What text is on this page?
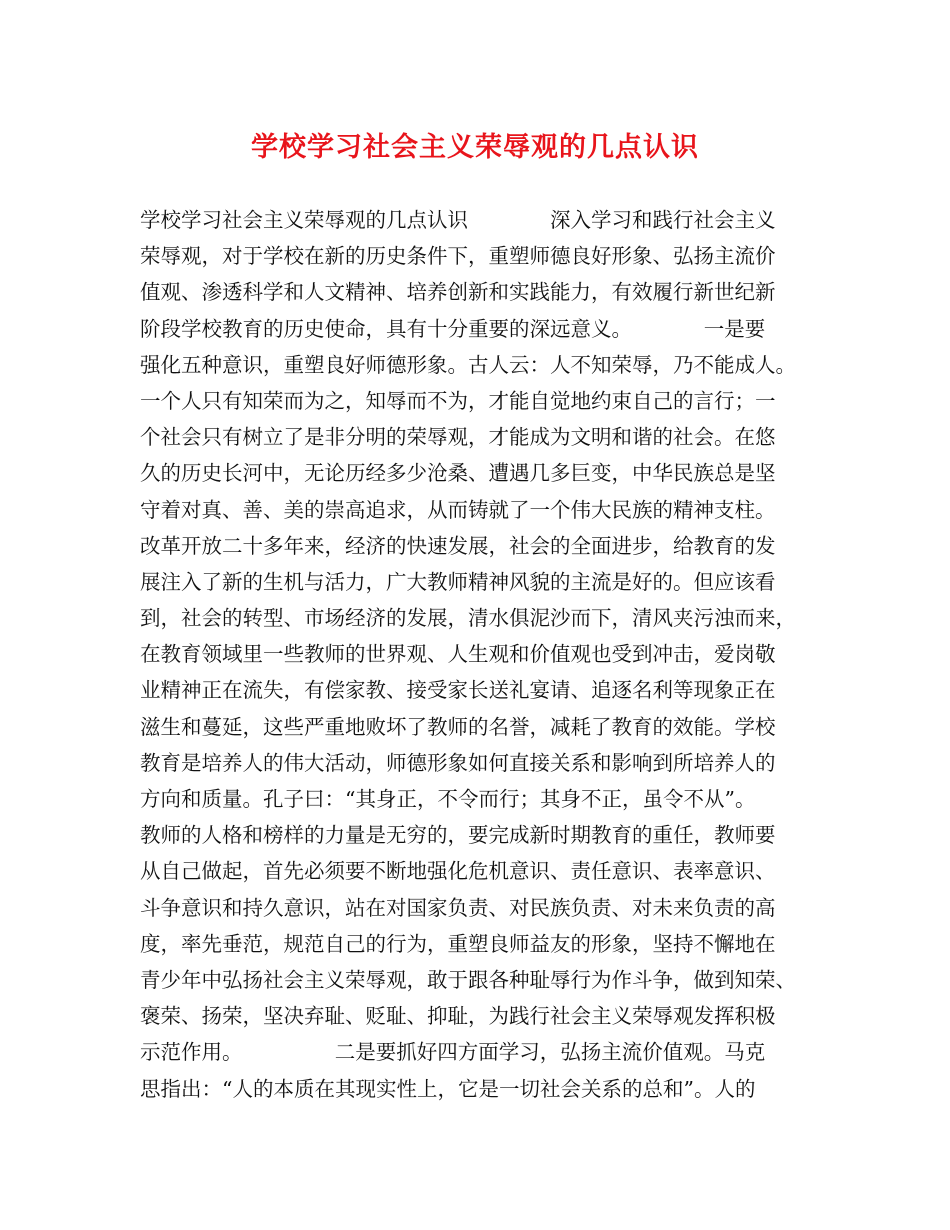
学校学习社会主义荣辱观的几点认识
学校学习社会主义荣辱观的几点认识　　　　深入学习和践行社会主义
荣辱观，对于学校在新的历史条件下，重塑师德良好形象、弘扬主流价
值观、渗透科学和人文精神、培养创新和实践能力，有效履行新世纪新
阶段学校教育的历史使命，具有十分重要的深远意义。　　　　一是要
强化五种意识，重塑良好师德形象。古人云：人不知荣辱，乃不能成人。
一个人只有知荣而为之，知辱而不为，才能自觉地约束自己的言行；一
个社会只有树立了是非分明的荣辱观，才能成为文明和谐的社会。在悠
久的历史长河中，无论历经多少沧桑、遭遇几多巨变，中华民族总是坚
守着对真、善、美的崇高追求，从而铸就了一个伟大民族的精神支柱。
改革开放二十多年来，经济的快速发展，社会的全面进步，给教育的发
展注入了新的生机与活力，广大教师精神风貌的主流是好的。但应该看
到，社会的转型、市场经济的发展，清水俱泥沙而下，清风夹污浊而来，
在教育领域里一些教师的世界观、人生观和价值观也受到冲击，爱岗敬
业精神正在流失，有偿家教、接受家长送礼宴请、追逐名利等现象正在
滋生和蔓延，这些严重地败坏了教师的名誉，减耗了教育的效能。学校
教育是培养人的伟大活动，师德形象如何直接关系和影响到所培养人的
方向和质量。孔子曰：“其身正，不令而行；其身不正，虽令不从”。
教师的人格和榜样的力量是无穷的，要完成新时期教育的重任，教师要
从自己做起，首先必须要不断地强化危机意识、责任意识、表率意识、
斗争意识和持久意识，站在对国家负责、对民族负责、对未来负责的高
度，率先垂范，规范自己的行为，重塑良师益友的形象，坚持不懈地在
青少年中弘扬社会主义荣辱观，敢于跟各种耻辱行为作斗争，做到知荣、
褒荣、扬荣，坚决弃耻、贬耻、抑耻，为践行社会主义荣辱观发挥积极
示范作用。　　　　　二是要抓好四方面学习，弘扬主流价值观。马克
思指出：“人的本质在其现实性上，它是一切社会关系的总和”。人的
